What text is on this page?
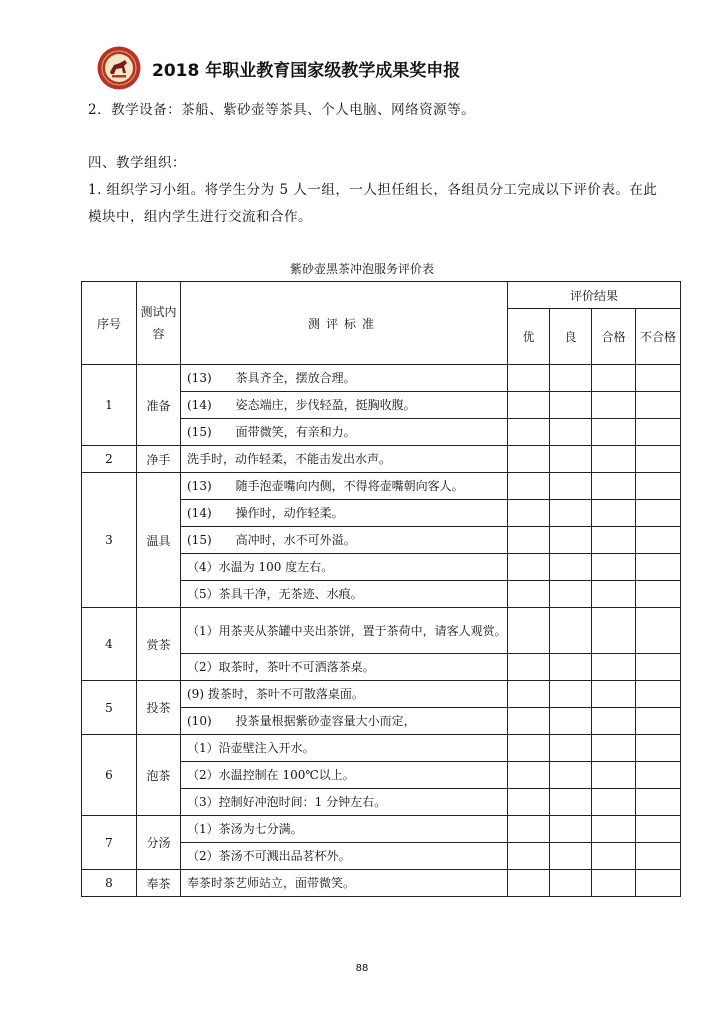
2018 年职业教育国家级教学成果奖申报
2．教学设备：茶船、紫砂壶等茶具、个人电脑、网络资源等。
四、教学组织：
1. 组织学习小组。将学生分为 5 人一组，一人担任组长，各组员分工完成以下评价表。在此
模块中，组内学生进行交流和合作。
紫砂壶黑茶冲泡服务评价表
序号	测试内容	测评标准	评价结果			
			优	良	合格	不合格
1	准备	(13)　　茶具齐全，摆放合理。				

		(14)　　姿态端庄，步伐轻盈，挺胸收腹。				

		(15)　　面带微笑，有亲和力。				

2	净手	洗手时，动作轻柔，不能击发出水声。				

3	温具	(13)　　随手泡壶嘴向内侧，不得将壶嘴朝向客人。				

		(14)　　操作时，动作轻柔。				

		(15)　　高冲时，水不可外溢。				

		（4）水温为 100 度左右。				

		（5）茶具干净，无茶迹、水痕。				

4	赏茶	（1）用茶夹从茶罐中夹出茶饼，置于茶荷中，请客人观赏。				

		（2）取茶时，茶叶不可洒落茶桌。				

5	投茶	(9) 拨茶时，茶叶不可散落桌面。				

		(10)　　投茶量根据紫砂壶容量大小而定，				

6	泡茶	（1）沿壶壁注入开水。				

		（2）水温控制在 100℃以上。				

		（3）控制好冲泡时间：1 分钟左右。				

7	分汤	（1）茶汤为七分满。				

		（2）茶汤不可溅出品茗杯外。				

8	奉茶	奉茶时茶艺师站立，面带微笑。				

88
